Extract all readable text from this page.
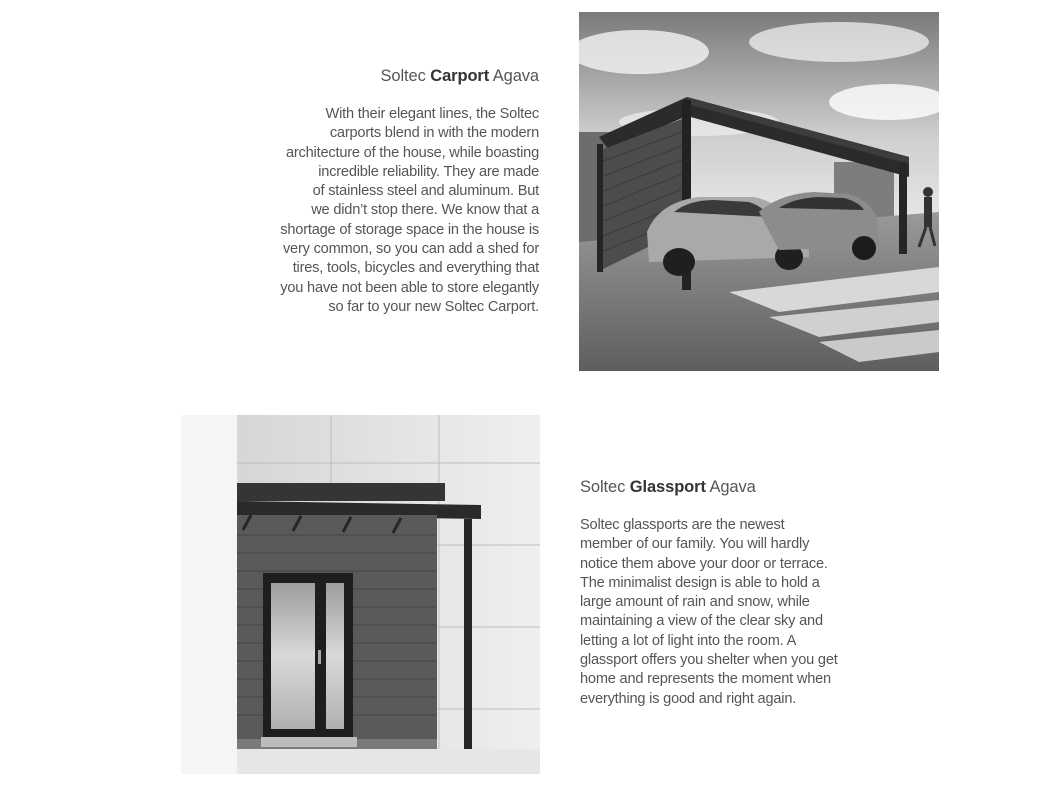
Soltec Carport Agava
With their elegant lines, the Soltec
carports blend in with the modern
architecture of the house, while boasting
incredible reliability. They are made
of stainless steel and aluminum. But
we didn’t stop there. We know that a
shortage of storage space in the house is
very common, so you can add a shed for
tires, tools, bicycles and everything that
you have not been able to store elegantly
so far to your new Soltec Carport.
Soltec Glassport Agava
Soltec glassports are the newest
member of our family. You will hardly
notice them above your door or terrace.
The minimalist design is able to hold a
large amount of rain and snow, while
maintaining a view of the clear sky and
letting a lot of light into the room. A
glassport offers you shelter when you get
home and represents the moment when
everything is good and right again.
